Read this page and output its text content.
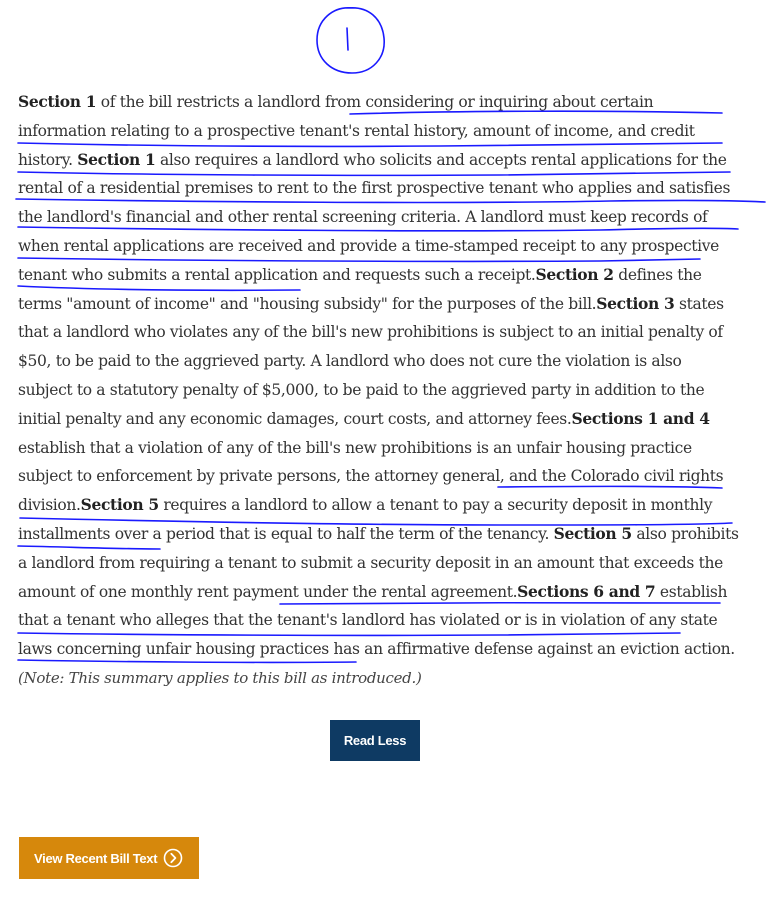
Section 1 of the bill restricts a landlord from considering or inquiring about certain information relating to a prospective tenant's rental history, amount of income, and credit history. Section 1 also requires a landlord who solicits and accepts rental applications for the rental of a residential premises to rent to the first prospective tenant who applies and satisfies the landlord's financial and other rental screening criteria. A landlord must keep records of when rental applications are received and provide a time-stamped receipt to any prospective tenant who submits a rental application and requests such a receipt.Section 2 defines the terms "amount of income" and "housing subsidy" for the purposes of the bill.Section 3 states that a landlord who violates any of the bill's new prohibitions is subject to an initial penalty of $50, to be paid to the aggrieved party. A landlord who does not cure the violation is also subject to a statutory penalty of $5,000, to be paid to the aggrieved party in addition to the initial penalty and any economic damages, court costs, and attorney fees.Sections 1 and 4 establish that a violation of any of the bill's new prohibitions is an unfair housing practice subject to enforcement by private persons, the attorney general, and the Colorado civil rights division.Section 5 requires a landlord to allow a tenant to pay a security deposit in monthly installments over a period that is equal to half the term of the tenancy. Section 5 also prohibits a landlord from requiring a tenant to submit a security deposit in an amount that exceeds the amount of one monthly rent payment under the rental agreement.Sections 6 and 7 establish that a tenant who alleges that the tenant's landlord has violated or is in violation of any state laws concerning unfair housing practices has an affirmative defense against an eviction action.

(Note: This summary applies to this bill as introduced.)
Read Less
View Recent Bill Text
